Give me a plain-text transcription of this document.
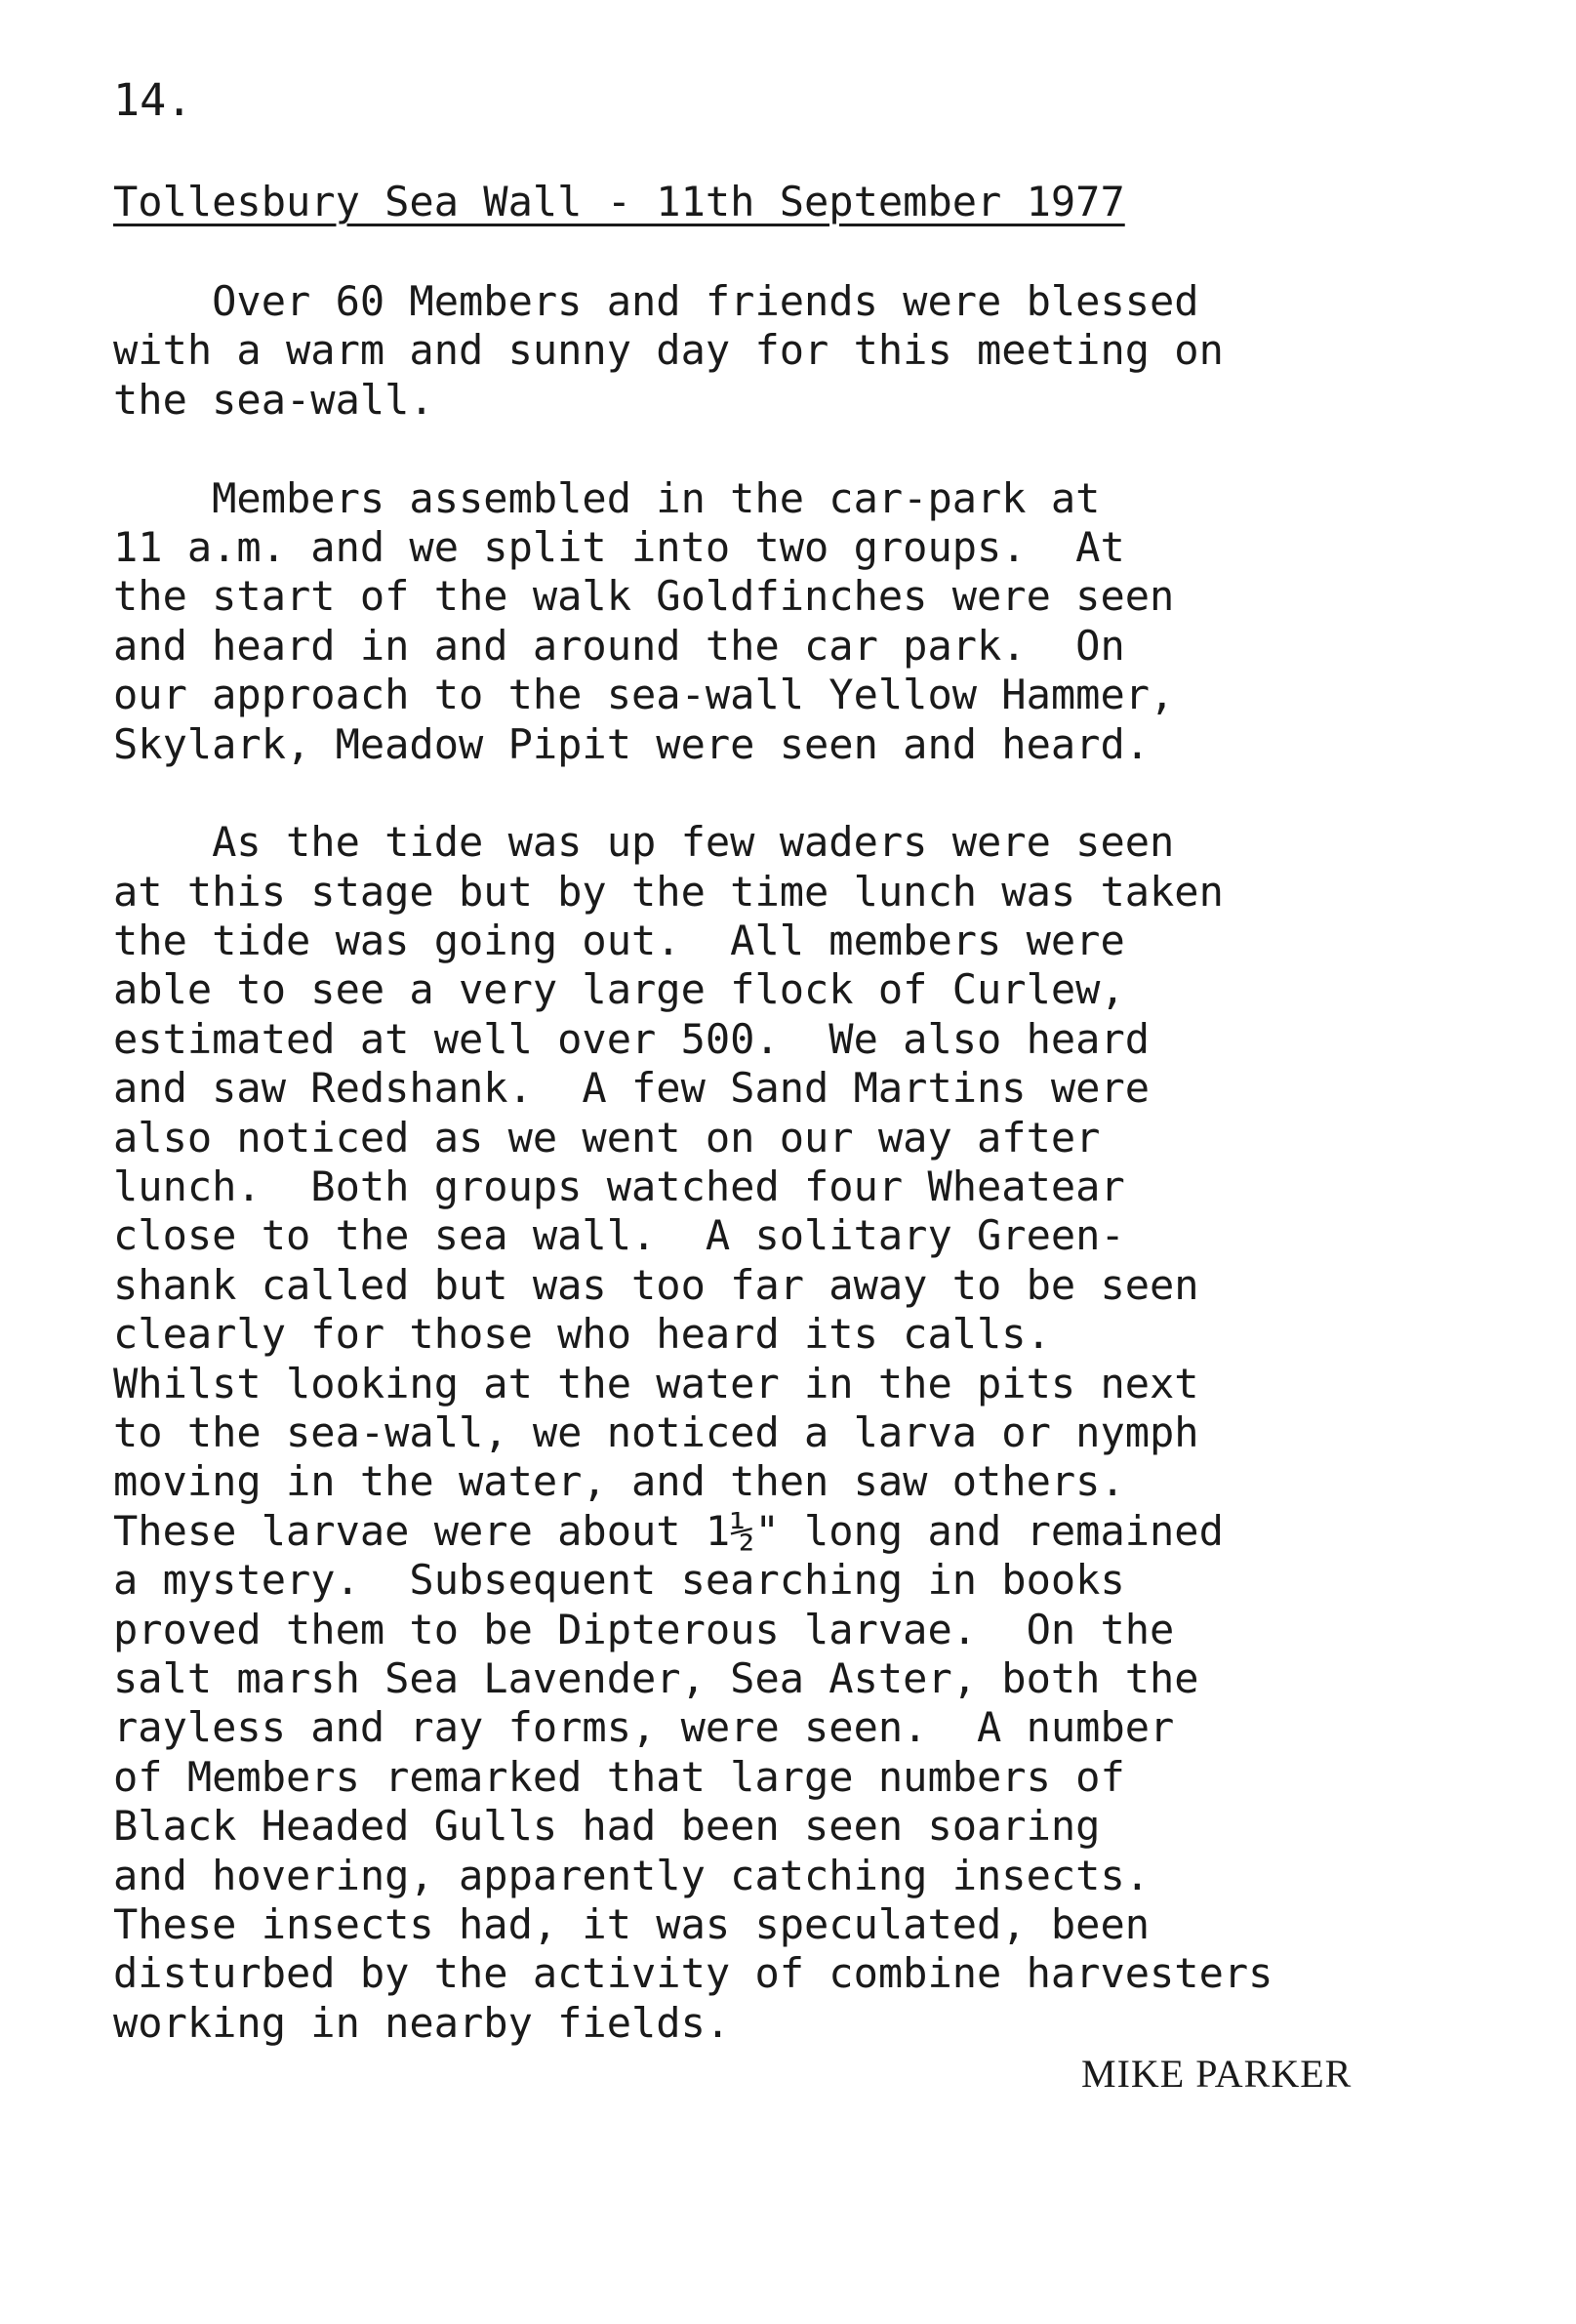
14.
Tollesbury Sea Wall - 11th September 1977
Over 60 Members and friends were blessed
with a warm and sunny day for this meeting on
the sea-wall.
Members assembled in the car-park at
11 a.m. and we split into two groups.  At
the start of the walk Goldfinches were seen
and heard in and around the car park.  On
our approach to the sea-wall Yellow Hammer,
Skylark, Meadow Pipit were seen and heard.
As the tide was up few waders were seen
at this stage but by the time lunch was taken
the tide was going out.  All members were
able to see a very large flock of Curlew,
estimated at well over 500.  We also heard
and saw Redshank.  A few Sand Martins were
also noticed as we went on our way after
lunch.  Both groups watched four Wheatear
close to the sea wall.  A solitary Green-
shank called but was too far away to be seen
clearly for those who heard its calls.
Whilst looking at the water in the pits next
to the sea-wall, we noticed a larva or nymph
moving in the water, and then saw others.
These larvae were about 1½" long and remained
a mystery.  Subsequent searching in books
proved them to be Dipterous larvae.  On the
salt marsh Sea Lavender, Sea Aster, both the
rayless and ray forms, were seen.  A number
of Members remarked that large numbers of
Black Headed Gulls had been seen soaring
and hovering, apparently catching insects.
These insects had, it was speculated, been
disturbed by the activity of combine harvesters
working in nearby fields.
MIKE PARKER
